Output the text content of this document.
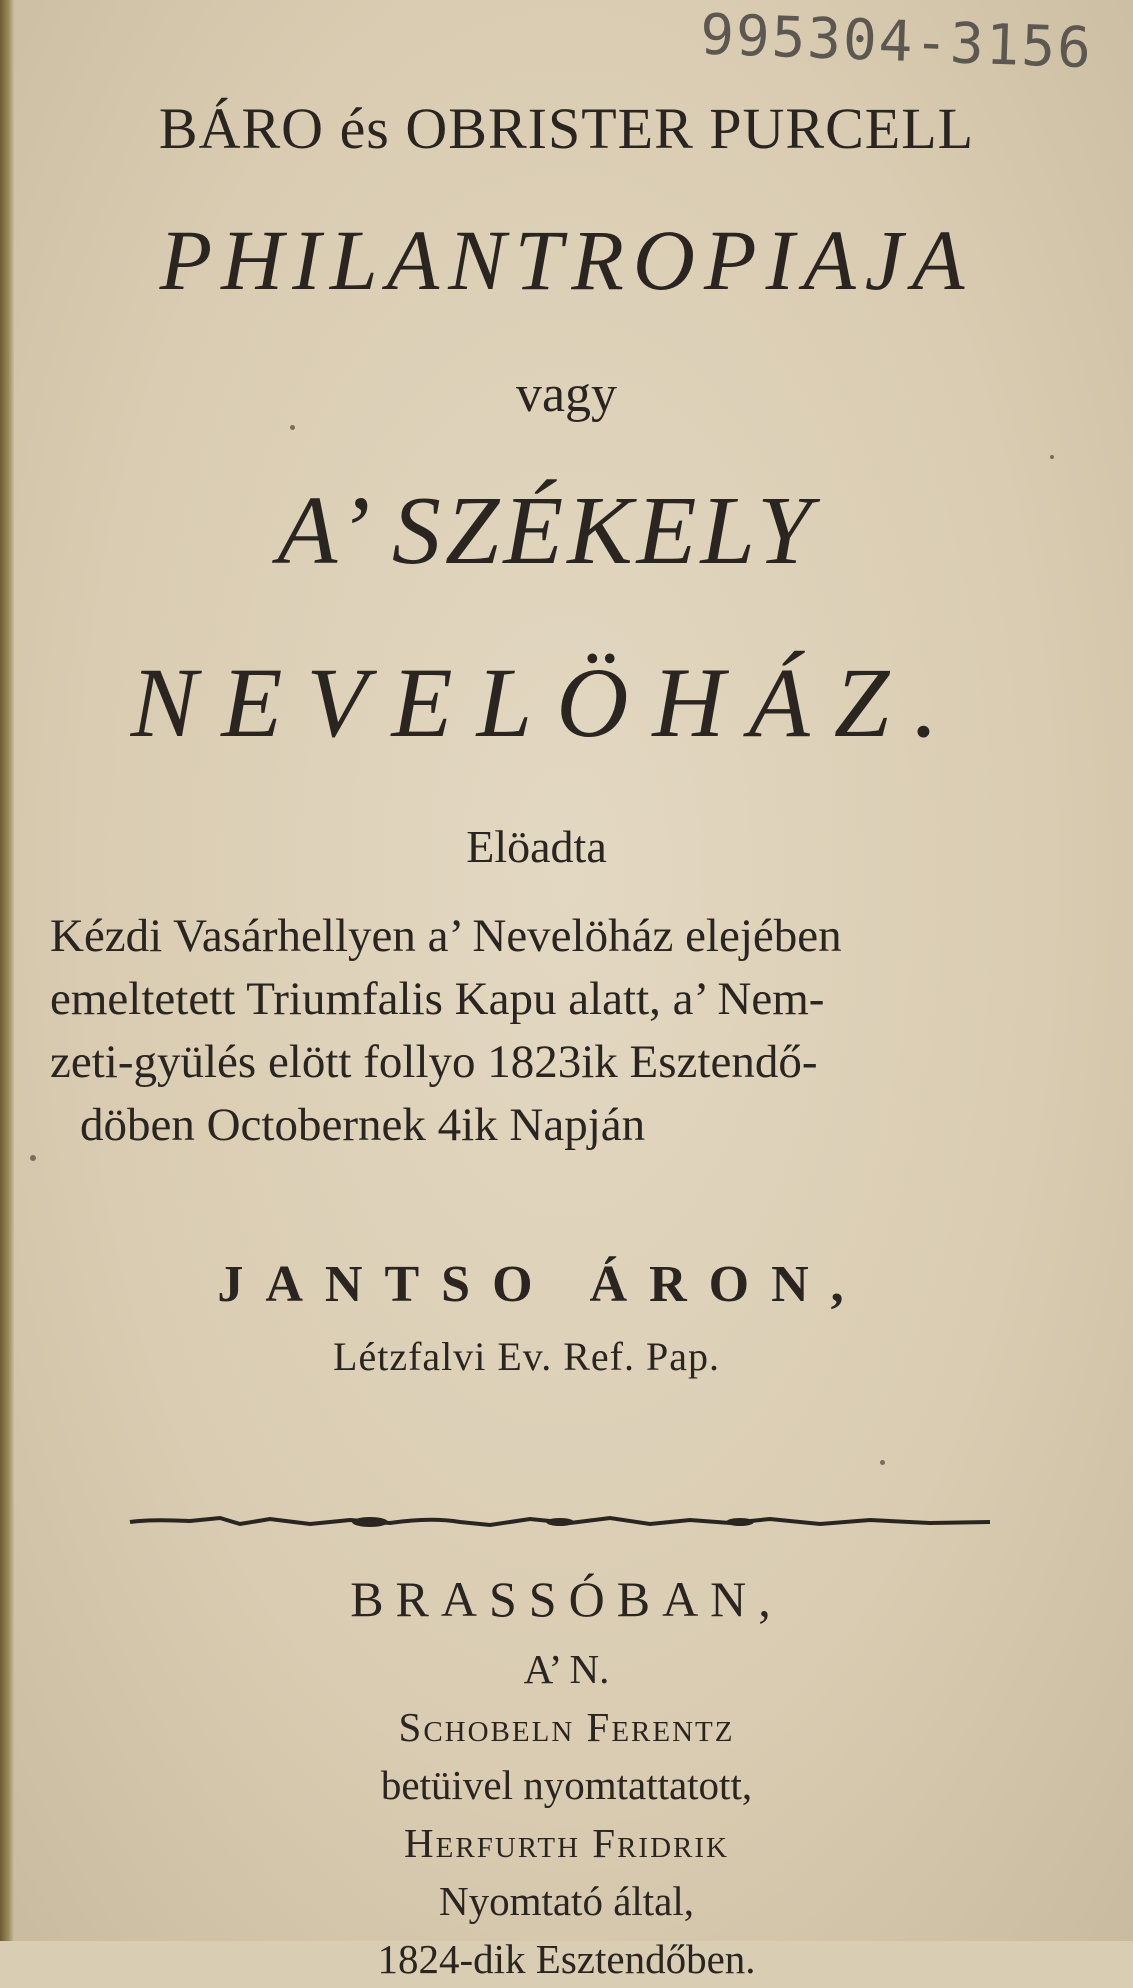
995304-3156
BÁRO és OBRISTER PURCELL
PHILANTROPIAJA
vagy
A’ SZÉKELY
NEVELÖHÁZ.
Elöadta
Kézdi Vasárhellyen a’ Nevelöház elejében
emeltetett Triumfalis Kapu alatt, a’ Nem-
zeti-gyülés elött follyo 1823ik Esztendő-
döben Octobernek 4ik Napján
JANTSO ÁRON,
Létzfalvi Ev. Ref. Pap.
BRASSÓBAN,
A’ N.
Schobeln Ferentz
betüivel nyomtattatott,
Herfurth Fridrik
Nyomtató által,
1824-dik Esztendőben.
